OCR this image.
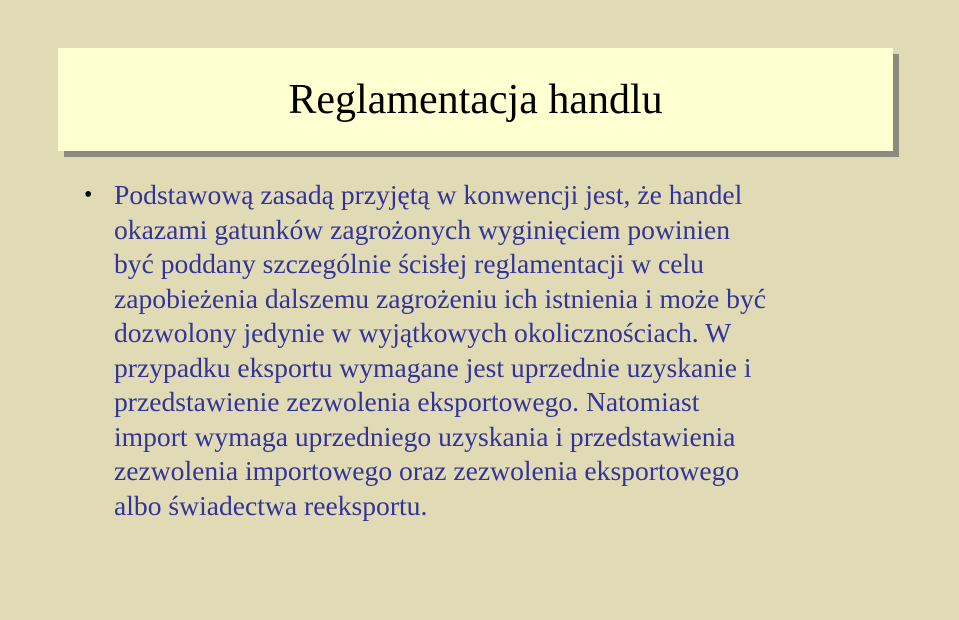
Reglamentacja handlu
• Podstawową zasadą przyjętą w konwencji jest, że handel
okazami gatunków zagrożonych wyginięciem powinien
być poddany szczególnie ścisłej reglamentacji w celu
zapobieżenia dalszemu zagrożeniu ich istnienia i może być
dozwolony jedynie w wyjątkowych okolicznościach. W
przypadku eksportu wymagane jest uprzednie uzyskanie i
przedstawienie zezwolenia eksportowego. Natomiast
import wymaga uprzedniego uzyskania i przedstawienia
zezwolenia importowego oraz zezwolenia eksportowego
albo świadectwa reeksportu.
